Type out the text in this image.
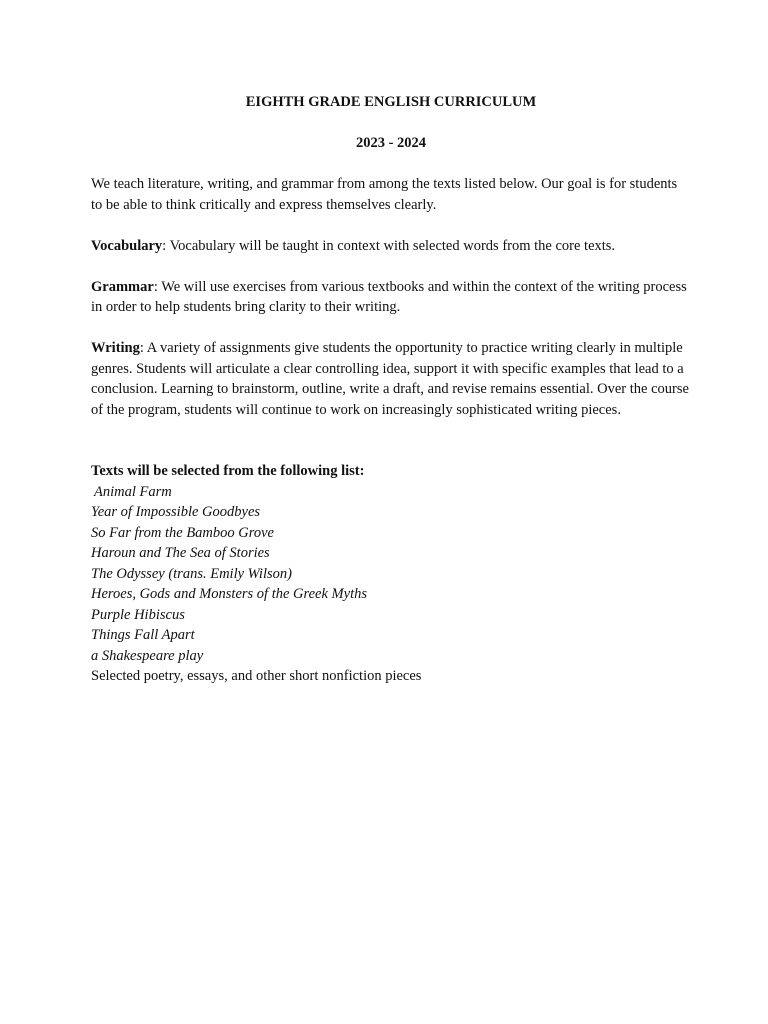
EIGHTH GRADE ENGLISH CURRICULUM
2023 - 2024

We teach literature, writing, and grammar from among the texts listed below. Our goal is for students to be able to think critically and express themselves clearly.

Vocabulary: Vocabulary will be taught in context with selected words from the core texts.

Grammar: We will use exercises from various textbooks and within the context of the writing process in order to help students bring clarity to their writing.

Writing: A variety of assignments give students the opportunity to practice writing clearly in multiple genres. Students will articulate a clear controlling idea, support it with specific examples that lead to a conclusion. Learning to brainstorm, outline, write a draft, and revise remains essential. Over the course of the program, students will continue to work on increasingly sophisticated writing pieces.

Texts will be selected from the following list:

Animal Farm
Year of Impossible Goodbyes
So Far from the Bamboo Grove
Haroun and The Sea of Stories
The Odyssey (trans. Emily Wilson)
Heroes, Gods and Monsters of the Greek Myths
Purple Hibiscus
Things Fall Apart
a Shakespeare play
Selected poetry, essays, and other short nonfiction pieces
